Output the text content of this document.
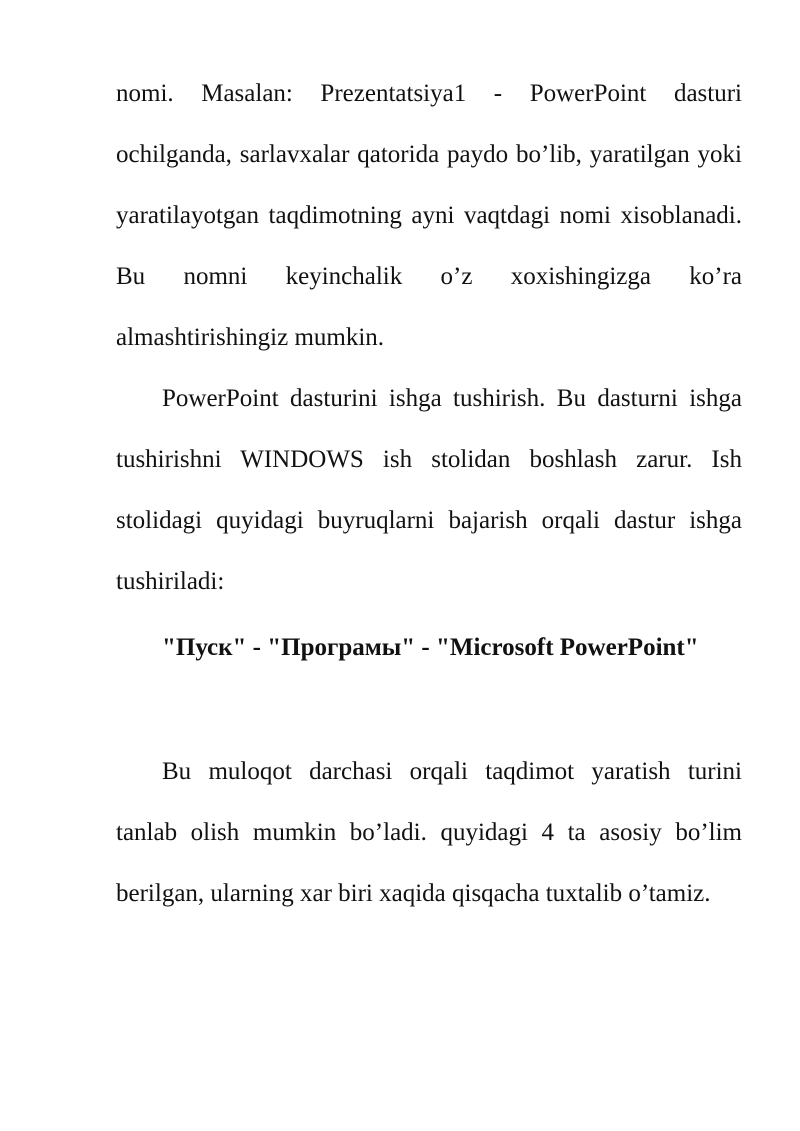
nomi. Masalan: Prezentatsiya1 - PowerPoint dasturi ochilganda, sarlavxalar qatorida paydo bo’lib, yaratilgan yoki yaratilayotgan taqdimotning ayni vaqtdagi nomi xisoblanadi. Bu nomni keyinchalik o’z xoxishingizga ko’ra almashtirishingiz mumkin.

PowerPoint dasturini ishga tushirish. Bu dasturni ishga tushirishni WINDOWS ish stolidan boshlash zarur. Ish stolidagi quyidagi buyruqlarni bajarish orqali dastur ishga tushiriladi:

"Пуск" - "Програмы" - "Microsoft PowerPoint"

Bu muloqot darchasi orqali taqdimot yaratish turini tanlab olish mumkin bo’ladi. quyidagi 4 ta asosiy bo’lim berilgan, ularning xar biri xaqida qisqacha tuxtalib o’tamiz.
